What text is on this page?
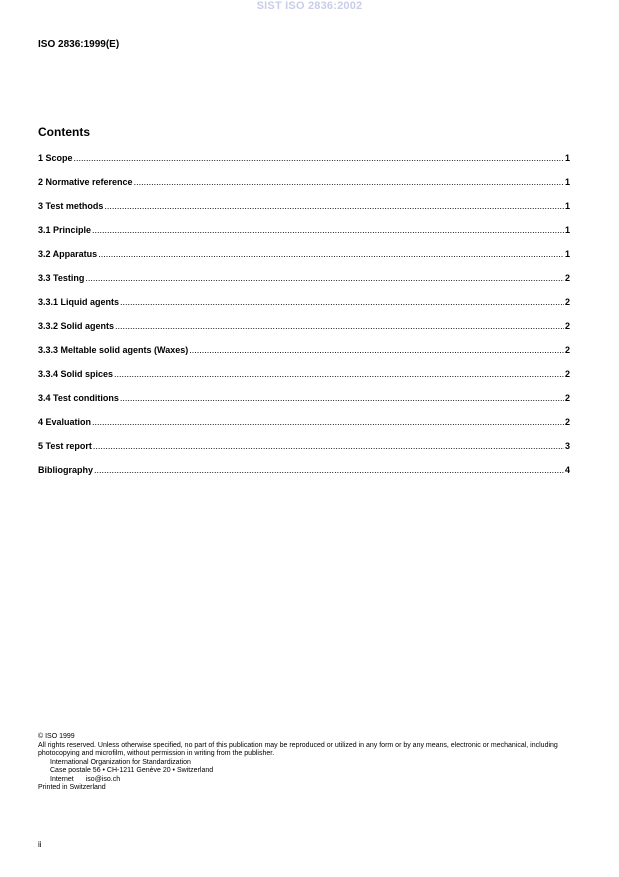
SIST ISO 2836:2002
ISO 2836:1999(E)
Contents
1 Scope .....	1
2 Normative reference .....	1
3 Test methods .....	1
3.1 Principle .....	1
3.2 Apparatus .....	1
3.3 Testing .....	2
3.3.1 Liquid agents .....	2
3.3.2 Solid agents .....	2
3.3.3 Meltable solid agents (Waxes) .....	2
3.3.4 Solid spices .....	2
3.4 Test conditions .....	2
4 Evaluation .....	2
5 Test report .....	3
Bibliography .....	4

© ISO 1999

All rights reserved. Unless otherwise specified, no part of this publication may be reproduced or utilized in any form or by any means, electronic or mechanical, including photocopying and microfilm, without permission in writing from the publisher.

International Organization for Standardization

Case postale 56 • CH-1211 Genève 20 • Switzerland

Internet iso@iso.ch

Printed in Switzerland

ii
